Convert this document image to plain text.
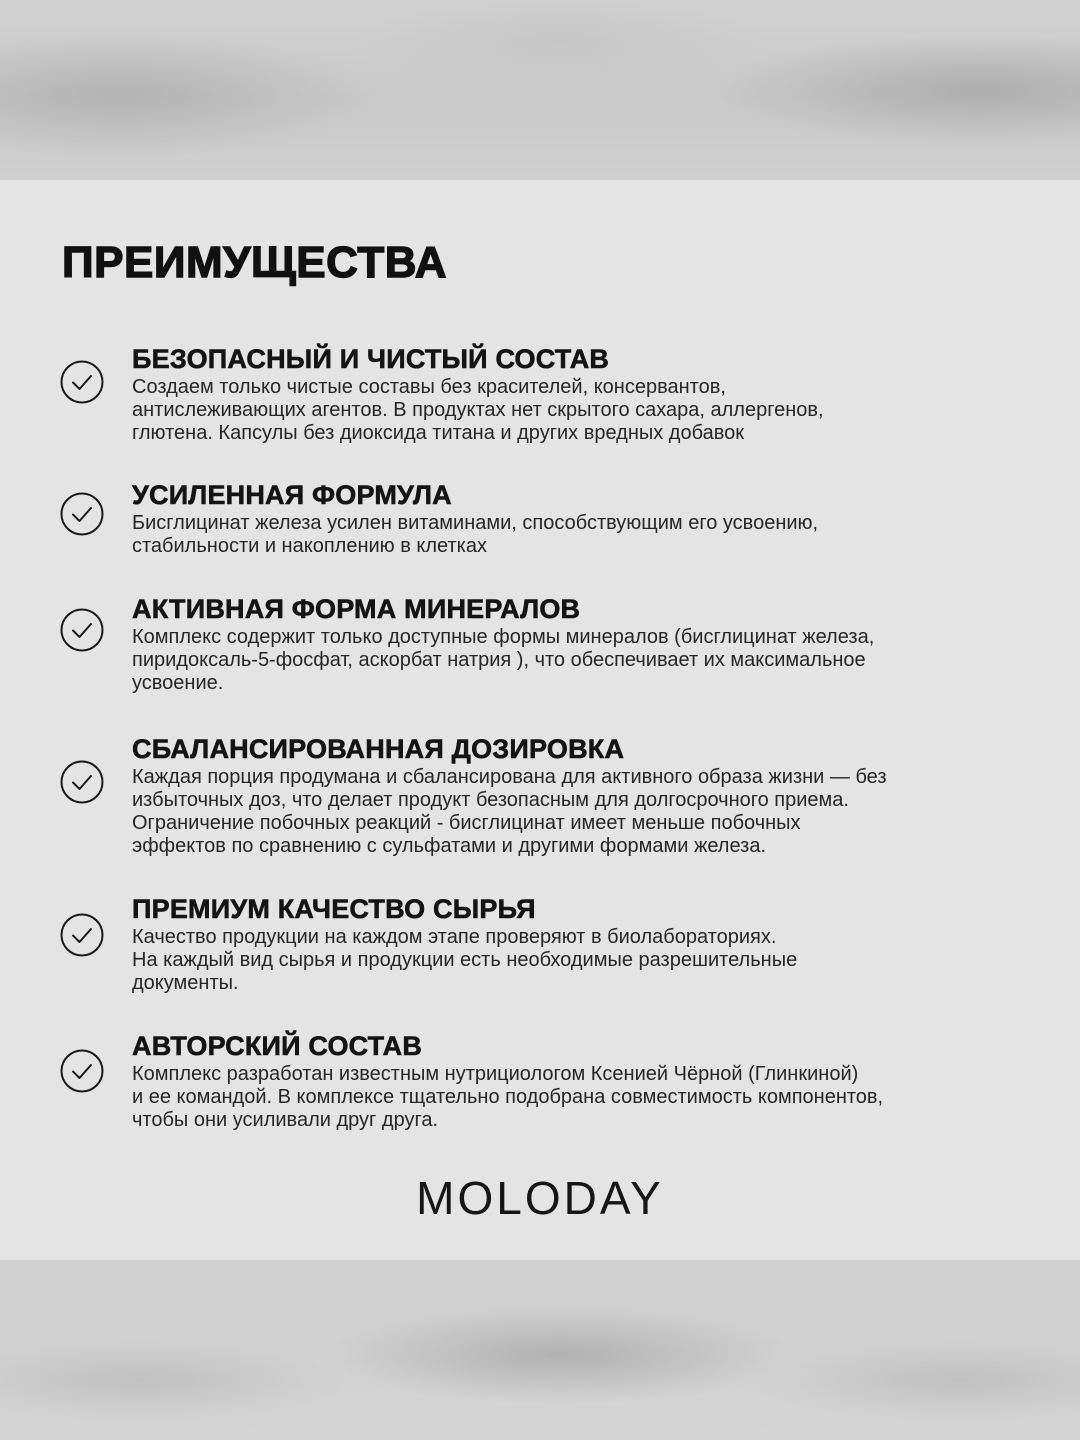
ПРЕИМУЩЕСТВА
БЕЗОПАСНЫЙ И ЧИСТЫЙ СОСТАВ

Создаем только чистые составы без красителей, консервантов,
антислеживающих агентов. В продуктах нет скрытого сахара, аллергенов,
глютена. Капсулы без диоксида титана и других вредных добавок

УСИЛЕННАЯ ФОРМУЛА

Бисглицинат железа усилен витаминами, способствующим его усвоению,
стабильности и накоплению в клетках

АКТИВНАЯ ФОРМА МИНЕРАЛОВ

Комплекс содержит только доступные формы минералов (бисглицинат железа,
пиридоксаль-5-фосфат, аскорбат натрия ), что обеспечивает их максимальное
усвоение.

СБАЛАНСИРОВАННАЯ ДОЗИРОВКА

Каждая порция продумана и сбалансирована для активного образа жизни — без
избыточных доз, что делает продукт безопасным для долгосрочного приема.
Ограничение побочных реакций - бисглицинат имеет меньше побочных
эффектов по сравнению с сульфатами и другими формами железа.

ПРЕМИУМ КАЧЕСТВО СЫРЬЯ

Качество продукции на каждом этапе проверяют в биолабораториях.
На каждый вид сырья и продукции есть необходимые разрешительные
документы.

АВТОРСКИЙ СОСТАВ

Комплекс разработан известным нутрициологом Ксенией Чёрной (Глинкиной)
и ее командой. В комплексе тщательно подобрана совместимость компонентов,
чтобы они усиливали друг друга.

MOLODAY
